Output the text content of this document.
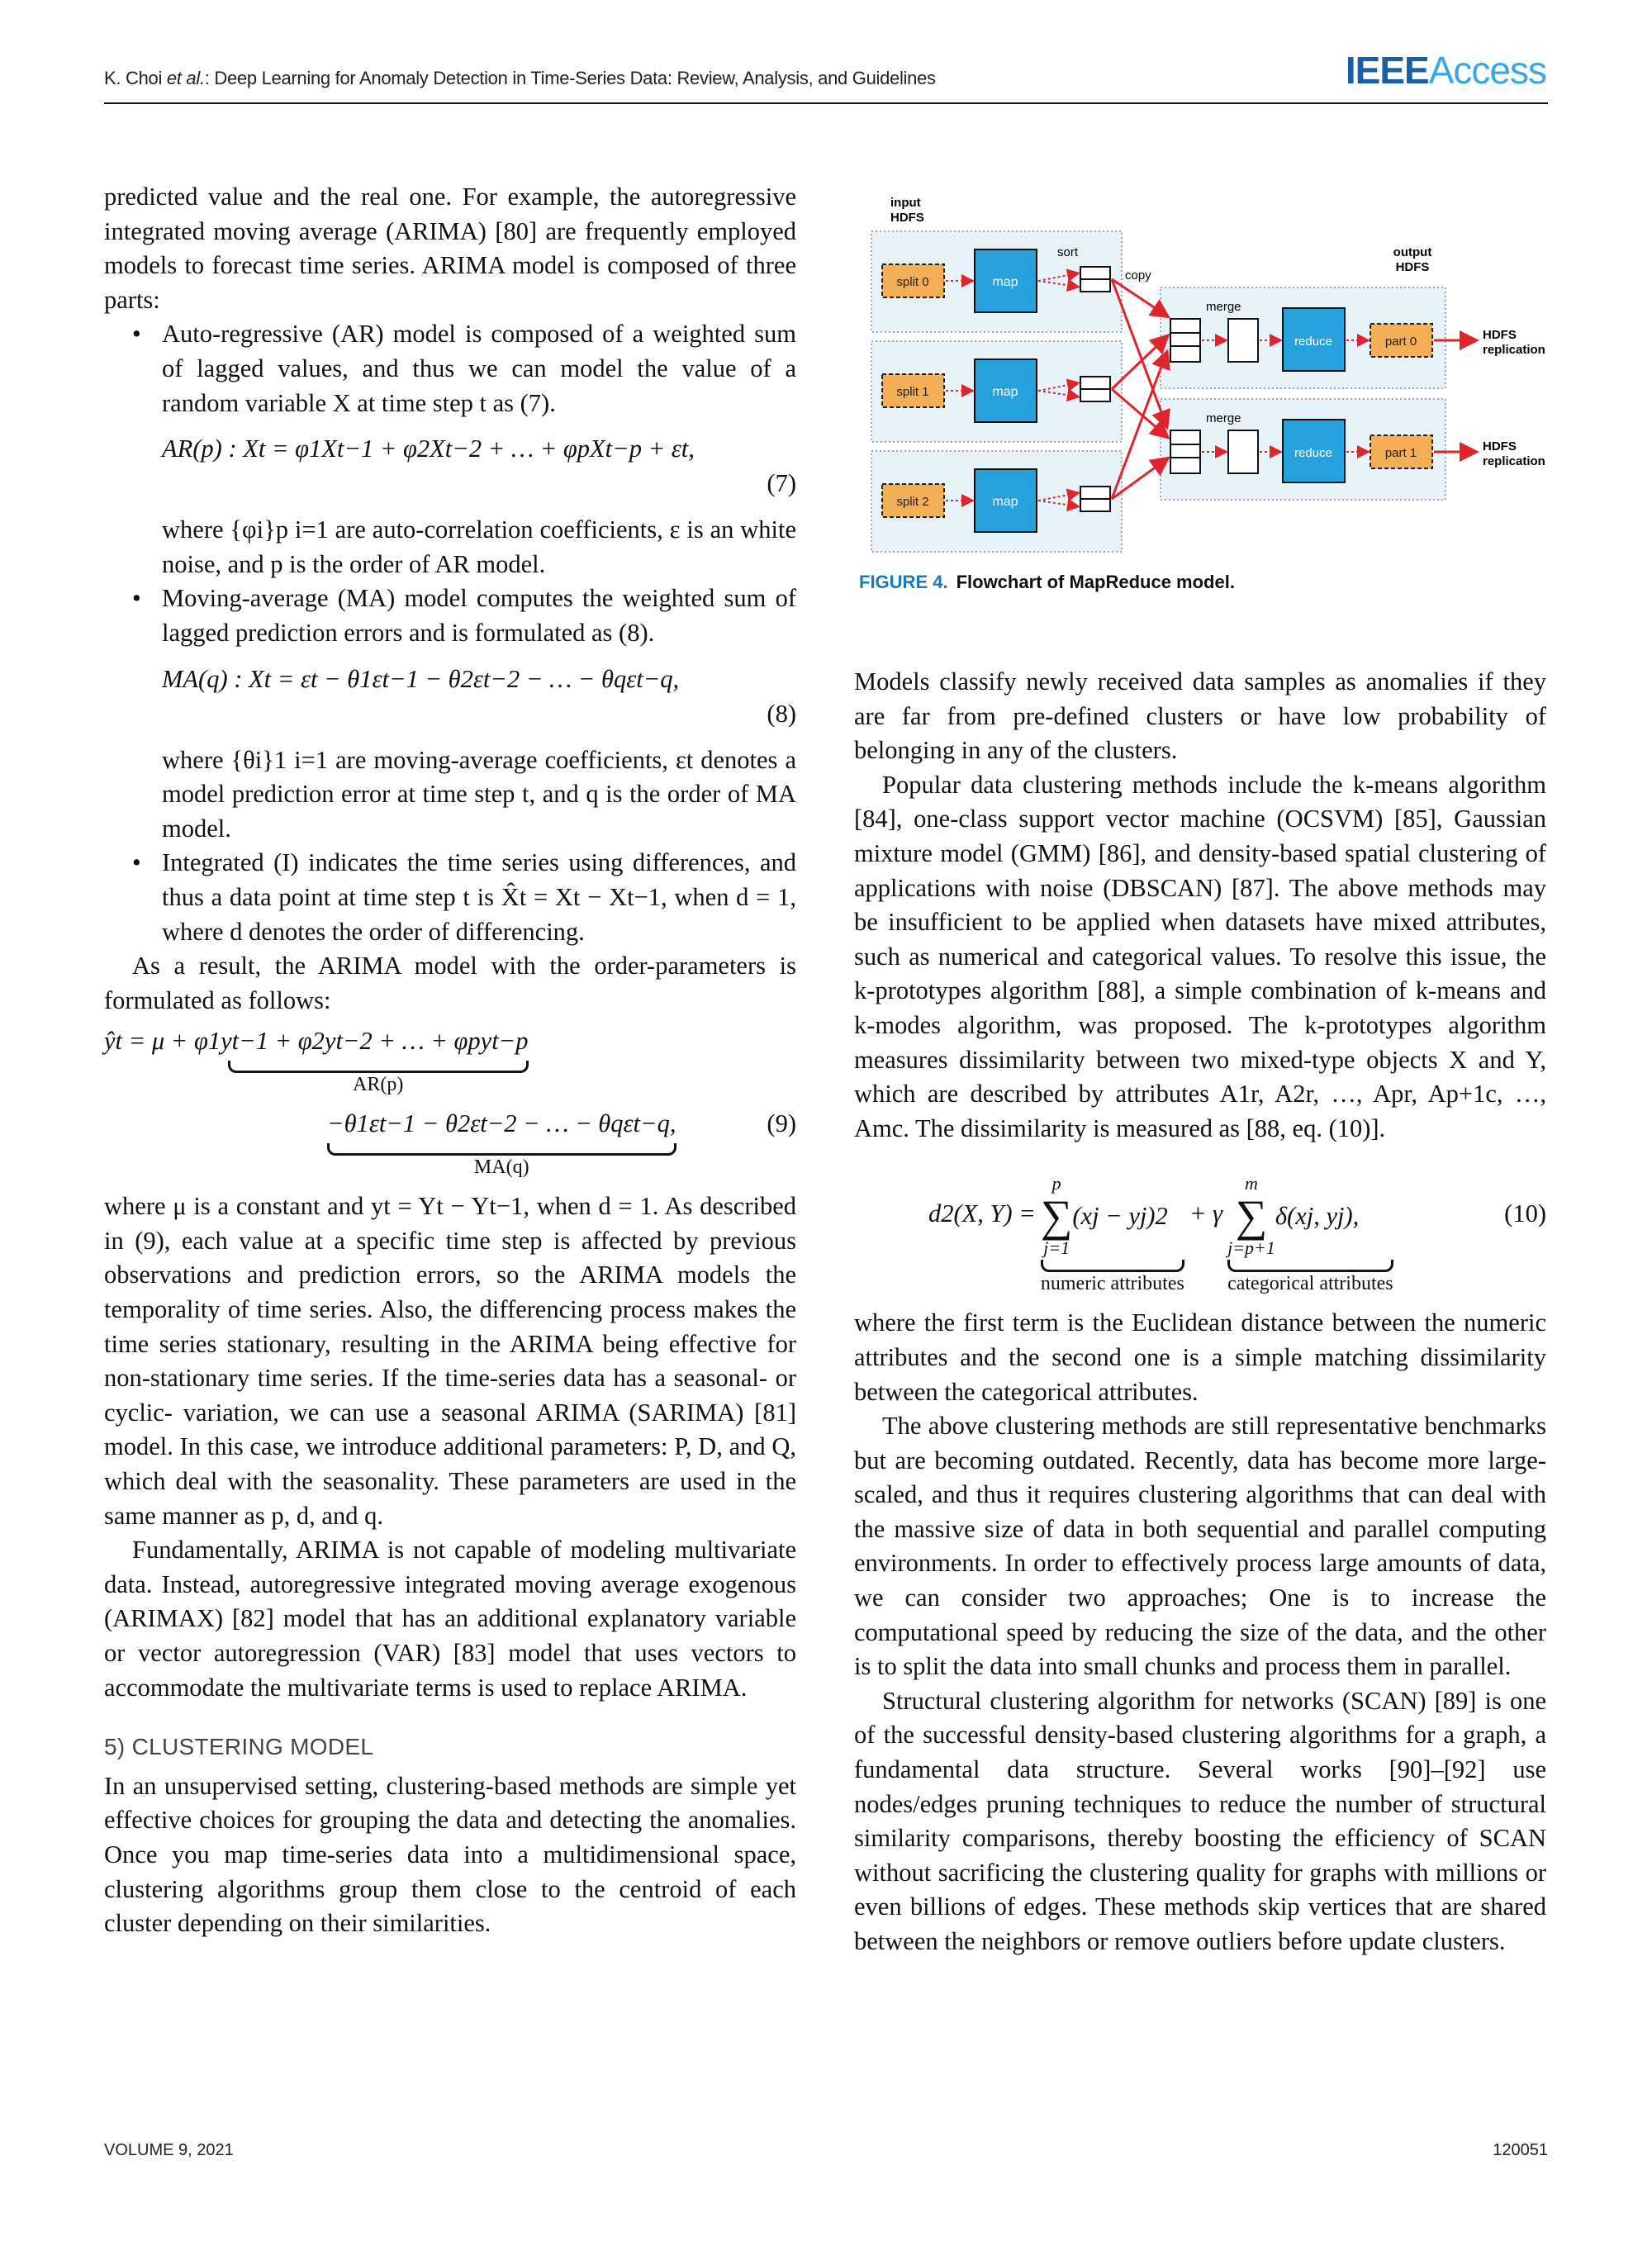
K. Choi et al.: Deep Learning for Anomaly Detection in Time-Series Data: Review, Analysis, and Guidelines	IEEEAccess

predicted value and the real one. For example, the autoregressive integrated moving average (ARIMA) [80] are frequently employed models to forecast time series. ARIMA model is composed of three parts:

• Auto-regressive (AR) model is composed of a weighted sum of lagged values, and thus we can model the value of a random variable X at time step t as (7).
AR(p) : Xt = φ1Xt−1 + φ2Xt−2 + … + φpXt−p + εt,
(7)
where {φi}p i=1 are auto-correlation coefficients, ε is an white noise, and p is the order of AR model.
• Moving-average (MA) model computes the weighted sum of lagged prediction errors and is formulated as (8).
MA(q) : Xt = εt − θ1εt−1 − θ2εt−2 − … − θqεt−q,
(8)
where {θi}1 i=1 are moving-average coefficients, εt denotes a model prediction error at time step t, and q is the order of MA model.
• Integrated (I) indicates the time series using differences, and thus a data point at time step t is X̂t = Xt − Xt−1, when d = 1, where d denotes the order of differencing.

As a result, the ARIMA model with the order-parameters is formulated as follows:

ŷt = μ + φ1yt−1 + φ2yt−2 + … + φpyt−p
AR(p)
−θ1εt−1 − θ2εt−2 − … − θqεt−q,
MA(q)
(9)

where μ is a constant and yt = Yt − Yt−1, when d = 1. As described in (9), each value at a specific time step is affected by previous observations and prediction errors, so the ARIMA models the temporality of time series. Also, the differencing process makes the time series stationary, resulting in the ARIMA being effective for non-stationary time series. If the time-series data has a seasonal- or cyclic- variation, we can use a seasonal ARIMA (SARIMA) [81] model. In this case, we introduce additional parameters: P, D, and Q, which deal with the seasonality. These parameters are used in the same manner as p, d, and q.

Fundamentally, ARIMA is not capable of modeling multivariate data. Instead, autoregressive integrated moving average exogenous (ARIMAX) [82] model that has an additional explanatory variable or vector autoregression (VAR) [83] model that uses vectors to accommodate the multivariate terms is used to replace ARIMA.

5) CLUSTERING MODEL

In an unsupervised setting, clustering-based methods are simple yet effective choices for grouping the data and detecting the anomalies. Once you map time-series data into a multidimensional space, clustering algorithms group them close to the centroid of each cluster depending on their similarities.

input
HDFS
split 0	map
sort
split 1	map
split 2	map
copy
merge
reduce	part 0
merge
reduce	part 1
output
HDFS
HDFS
replication
HDFS
replication
FIGURE 4. Flowchart of MapReduce model.

Models classify newly received data samples as anomalies if they are far from pre-defined clusters or have low probability of belonging in any of the clusters.

Popular data clustering methods include the k-means algorithm [84], one-class support vector machine (OCSVM) [85], Gaussian mixture model (GMM) [86], and density-based spatial clustering of applications with noise (DBSCAN) [87]. The above methods may be insufficient to be applied when datasets have mixed attributes, such as numerical and categorical values. To resolve this issue, the k-prototypes algorithm [88], a simple combination of k-means and k-modes algorithm, was proposed. The k-prototypes algorithm measures dissimilarity between two mixed-type objects X and Y, which are described by attributes A1r, A2r, …, Apr, Ap+1c, …, Amc. The dissimilarity is measured as [88, eq. (10)].

d2(X, Y) =
p
∑
j=1
(xj − yj)2
numeric attributes
+ γ
m
∑
j=p+1
δ(xj, yj),
categorical attributes
(10)

where the first term is the Euclidean distance between the numeric attributes and the second one is a simple matching dissimilarity between the categorical attributes.

The above clustering methods are still representative benchmarks but are becoming outdated. Recently, data has become more large-scaled, and thus it requires clustering algorithms that can deal with the massive size of data in both sequential and parallel computing environments. In order to effectively process large amounts of data, we can consider two approaches; One is to increase the computational speed by reducing the size of the data, and the other is to split the data into small chunks and process them in parallel.

Structural clustering algorithm for networks (SCAN) [89] is one of the successful density-based clustering algorithms for a graph, a fundamental data structure. Several works [90]–[92] use nodes/edges pruning techniques to reduce the number of structural similarity comparisons, thereby boosting the efficiency of SCAN without sacrificing the clustering quality for graphs with millions or even billions of edges. These methods skip vertices that are shared between the neighbors or remove outliers before update clusters.

VOLUME 9, 2021	120051
